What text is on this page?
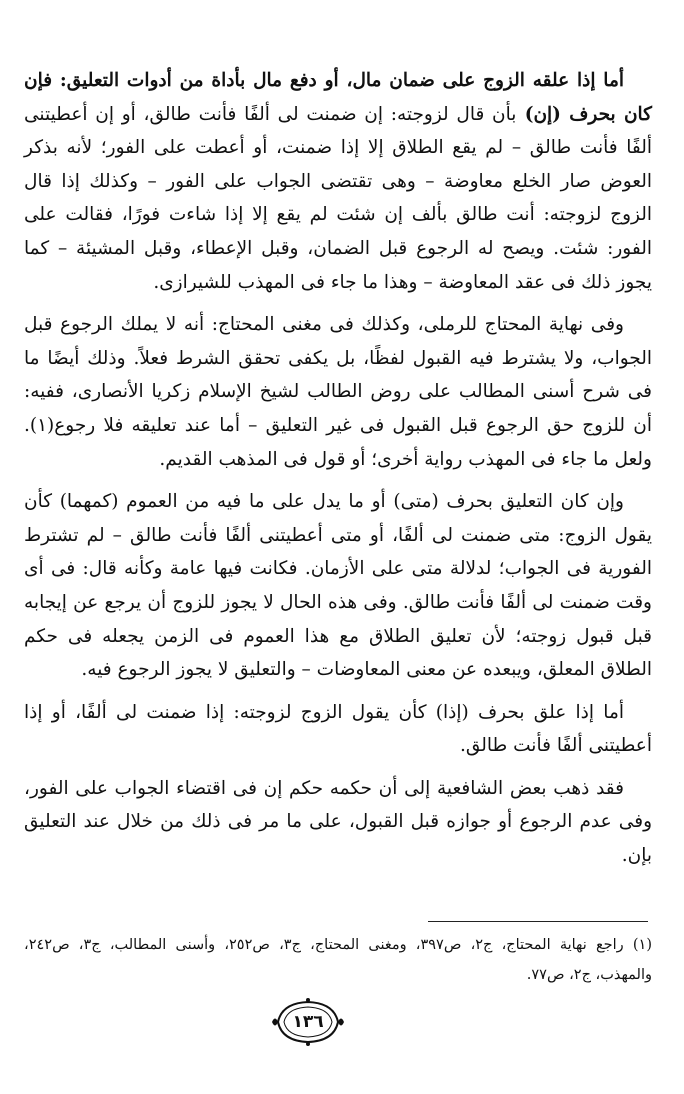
أما إذا علقه الزوج على ضمان مال، أو دفع مال بأداة من أدوات التعليق: فإن كان بحرف (إن) بأن قال لزوجته: إن ضمنت لى ألفًا فأنت طالق، أو إن أعطيتنى ألفًا فأنت طالق – لم يقع الطلاق إلا إذا ضمنت، أو أعطت على الفور؛ لأنه بذكر العوض صار الخلع معاوضة – وهى تقتضى الجواب على الفور – وكذلك إذا قال الزوج لزوجته: أنت طالق بألف إن شئت لم يقع إلا إذا شاءت فورًا، فقالت على الفور: شئت. ويصح له الرجوع قبل الضمان، وقبل الإعطاء، وقبل المشيئة – كما يجوز ذلك فى عقد المعاوضة – وهذا ما جاء فى المهذب للشيرازى.

وفى نهاية المحتاج للرملى، وكذلك فى مغنى المحتاج: أنه لا يملك الرجوع قبل الجواب، ولا يشترط فيه القبول لفظًا، بل يكفى تحقق الشرط فعلاً. وذلك أيضًا ما فى شرح أسنى المطالب على روض الطالب لشيخ الإسلام زكريا الأنصارى، ففيه: أن للزوج حق الرجوع قبل القبول فى غير التعليق – أما عند تعليقه فلا رجوع(١). ولعل ما جاء فى المهذب رواية أخرى؛ أو قول فى المذهب القديم.

وإن كان التعليق بحرف (متى) أو ما يدل على ما فيه من العموم (كمهما) كأن يقول الزوج: متى ضمنت لى ألفًا، أو متى أعطيتنى ألفًا فأنت طالق – لم تشترط الفورية فى الجواب؛ لدلالة متى على الأزمان. فكانت فيها عامة وكأنه قال: فى أى وقت ضمنت لى ألفًا فأنت طالق. وفى هذه الحال لا يجوز للزوج أن يرجع عن إيجابه قبل قبول زوجته؛ لأن تعليق الطلاق مع هذا العموم فى الزمن يجعله فى حكم الطلاق المعلق، ويبعده عن معنى المعاوضات – والتعليق لا يجوز الرجوع فيه.

أما إذا علق بحرف (إذا) كأن يقول الزوج لزوجته: إذا ضمنت لى ألفًا، أو إذا أعطيتنى ألفًا فأنت طالق.

فقد ذهب بعض الشافعية إلى أن حكمه حكم إن فى اقتضاء الجواب على الفور، وفى عدم الرجوع أو جوازه قبل القبول، على ما مر فى ذلك من خلال عند التعليق بإن.

(١) راجع نهاية المحتاج، ج٢، ص٣٩٧، ومغنى المحتاج، ج٣، ص٢٥٢، وأسنى المطالب، ج٣، ص٢٤٢، والمهذب، ج٢، ص٧٧.
١٣٦
